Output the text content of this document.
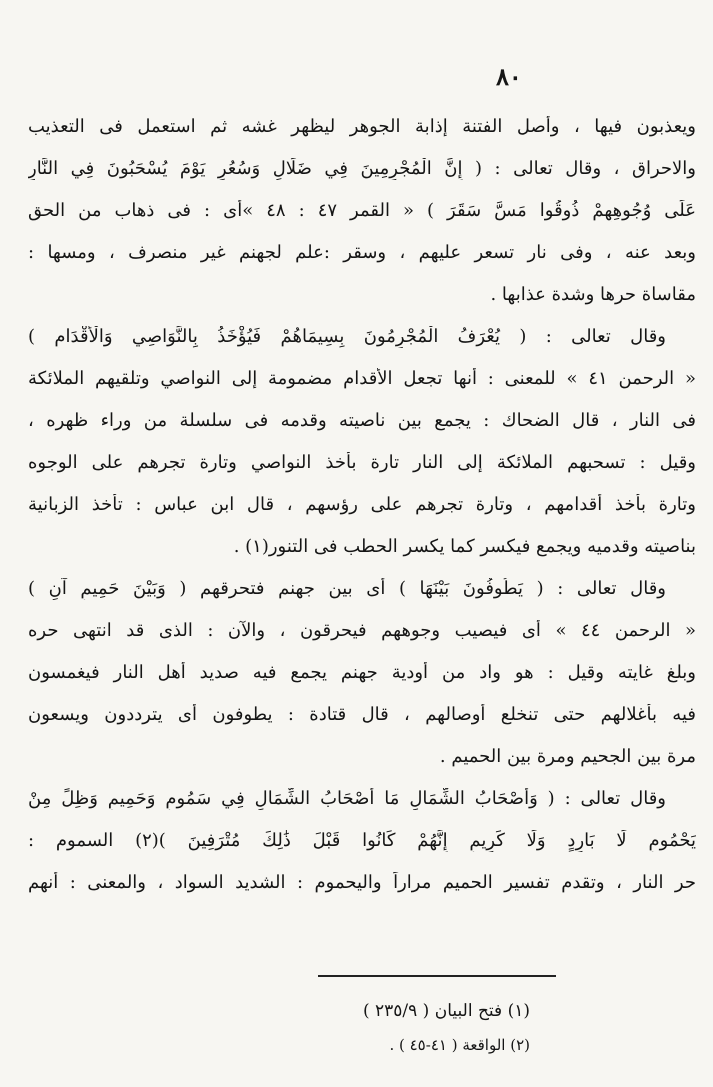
٨٠
ويعذبون فيها ، وأصل الفتنة إذابة الجوهر ليظهر غشه ثم استعمل فى التعذيب
والاحراق ، وقال تعالى : ( إِنَّ الْمُجْرِمِينَ فِي ضَلَالٍ وَسُعُرٍ يَوْمَ يُسْحَبُونَ فِي النَّارِ
عَلَى وُجُوهِهِمْ ذُوقُوا مَسَّ سَقَرَ ) « القمر ٤٧ : ٤٨ »أى : فى ذهاب من الحق
وبعد عنه ، وفى نار تسعر عليهم ، وسقر :علم لجهنم غير منصرف ، ومسها :
مقاساة حرها وشدة عذابها .
وقال تعالى : ( يُعْرَفُ الْمُجْرِمُونَ بِسِيمَاهُمْ فَيُؤْخَذُ بِالنَّوَاصِي وَالْأَقْدَامِ )
« الرحمن ٤١ » للمعنى : أنها تجعل الأقدام مضمومة إلى النواصي وتلقيهم الملائكة
فى النار ، قال الضحاك : يجمع بين ناصيته وقدمه فى سلسلة من وراء ظهره ،
وقيل : تسحبهم الملائكة إلى النار تارة بأخذ النواصي وتارة تجرهم على الوجوه
وتارة بأخذ أقدامهم ، وتارة تجرهم على رؤسهم ، قال ابن عباس : تأخذ الزبانية
بناصيته وقدميه ويجمع فيكسر كما يكسر الحطب فى التنور(١) .
وقال تعالى : ( يَطُوفُونَ بَيْنَهَا ) أى بين جهنم فتحرقهم ( وَبَيْنَ حَمِيمٍ آنٍ )
« الرحمن ٤٤ » أى فيصيب وجوههم فيحرقون ، والآن : الذى قد انتهى حره
وبلغ غايته وقيل : هو واد من أودية جهنم يجمع فيه صديد أهل النار فيغمسون
فيه بأغلالهم حتى تنخلع أوصالهم ، قال قتادة : يطوفون أى يترددون ويسعون
مرة بين الجحيم ومرة بين الحميم .
وقال تعالى : ( وَأَصْحَابُ الشِّمَالِ مَا أَصْحَابُ الشِّمَالِ فِي سَمُومٍ وَحَمِيمٍ وَظِلٍّ مِنْ
يَحْمُومٍ لَا بَارِدٍ وَلَا كَرِيمٍ إِنَّهُمْ كَانُوا قَبْلَ ذَٰلِكَ مُتْرَفِينَ )(٢) السموم :
حر النار ، وتقدم تفسير الحميم مراراً واليحموم : الشديد السواد ، والمعنى : أنهم
(١) فتح البيان ( ٢٣٥/٩ )
(٢) الواقعة ( ٤١-٤٥ ) .
